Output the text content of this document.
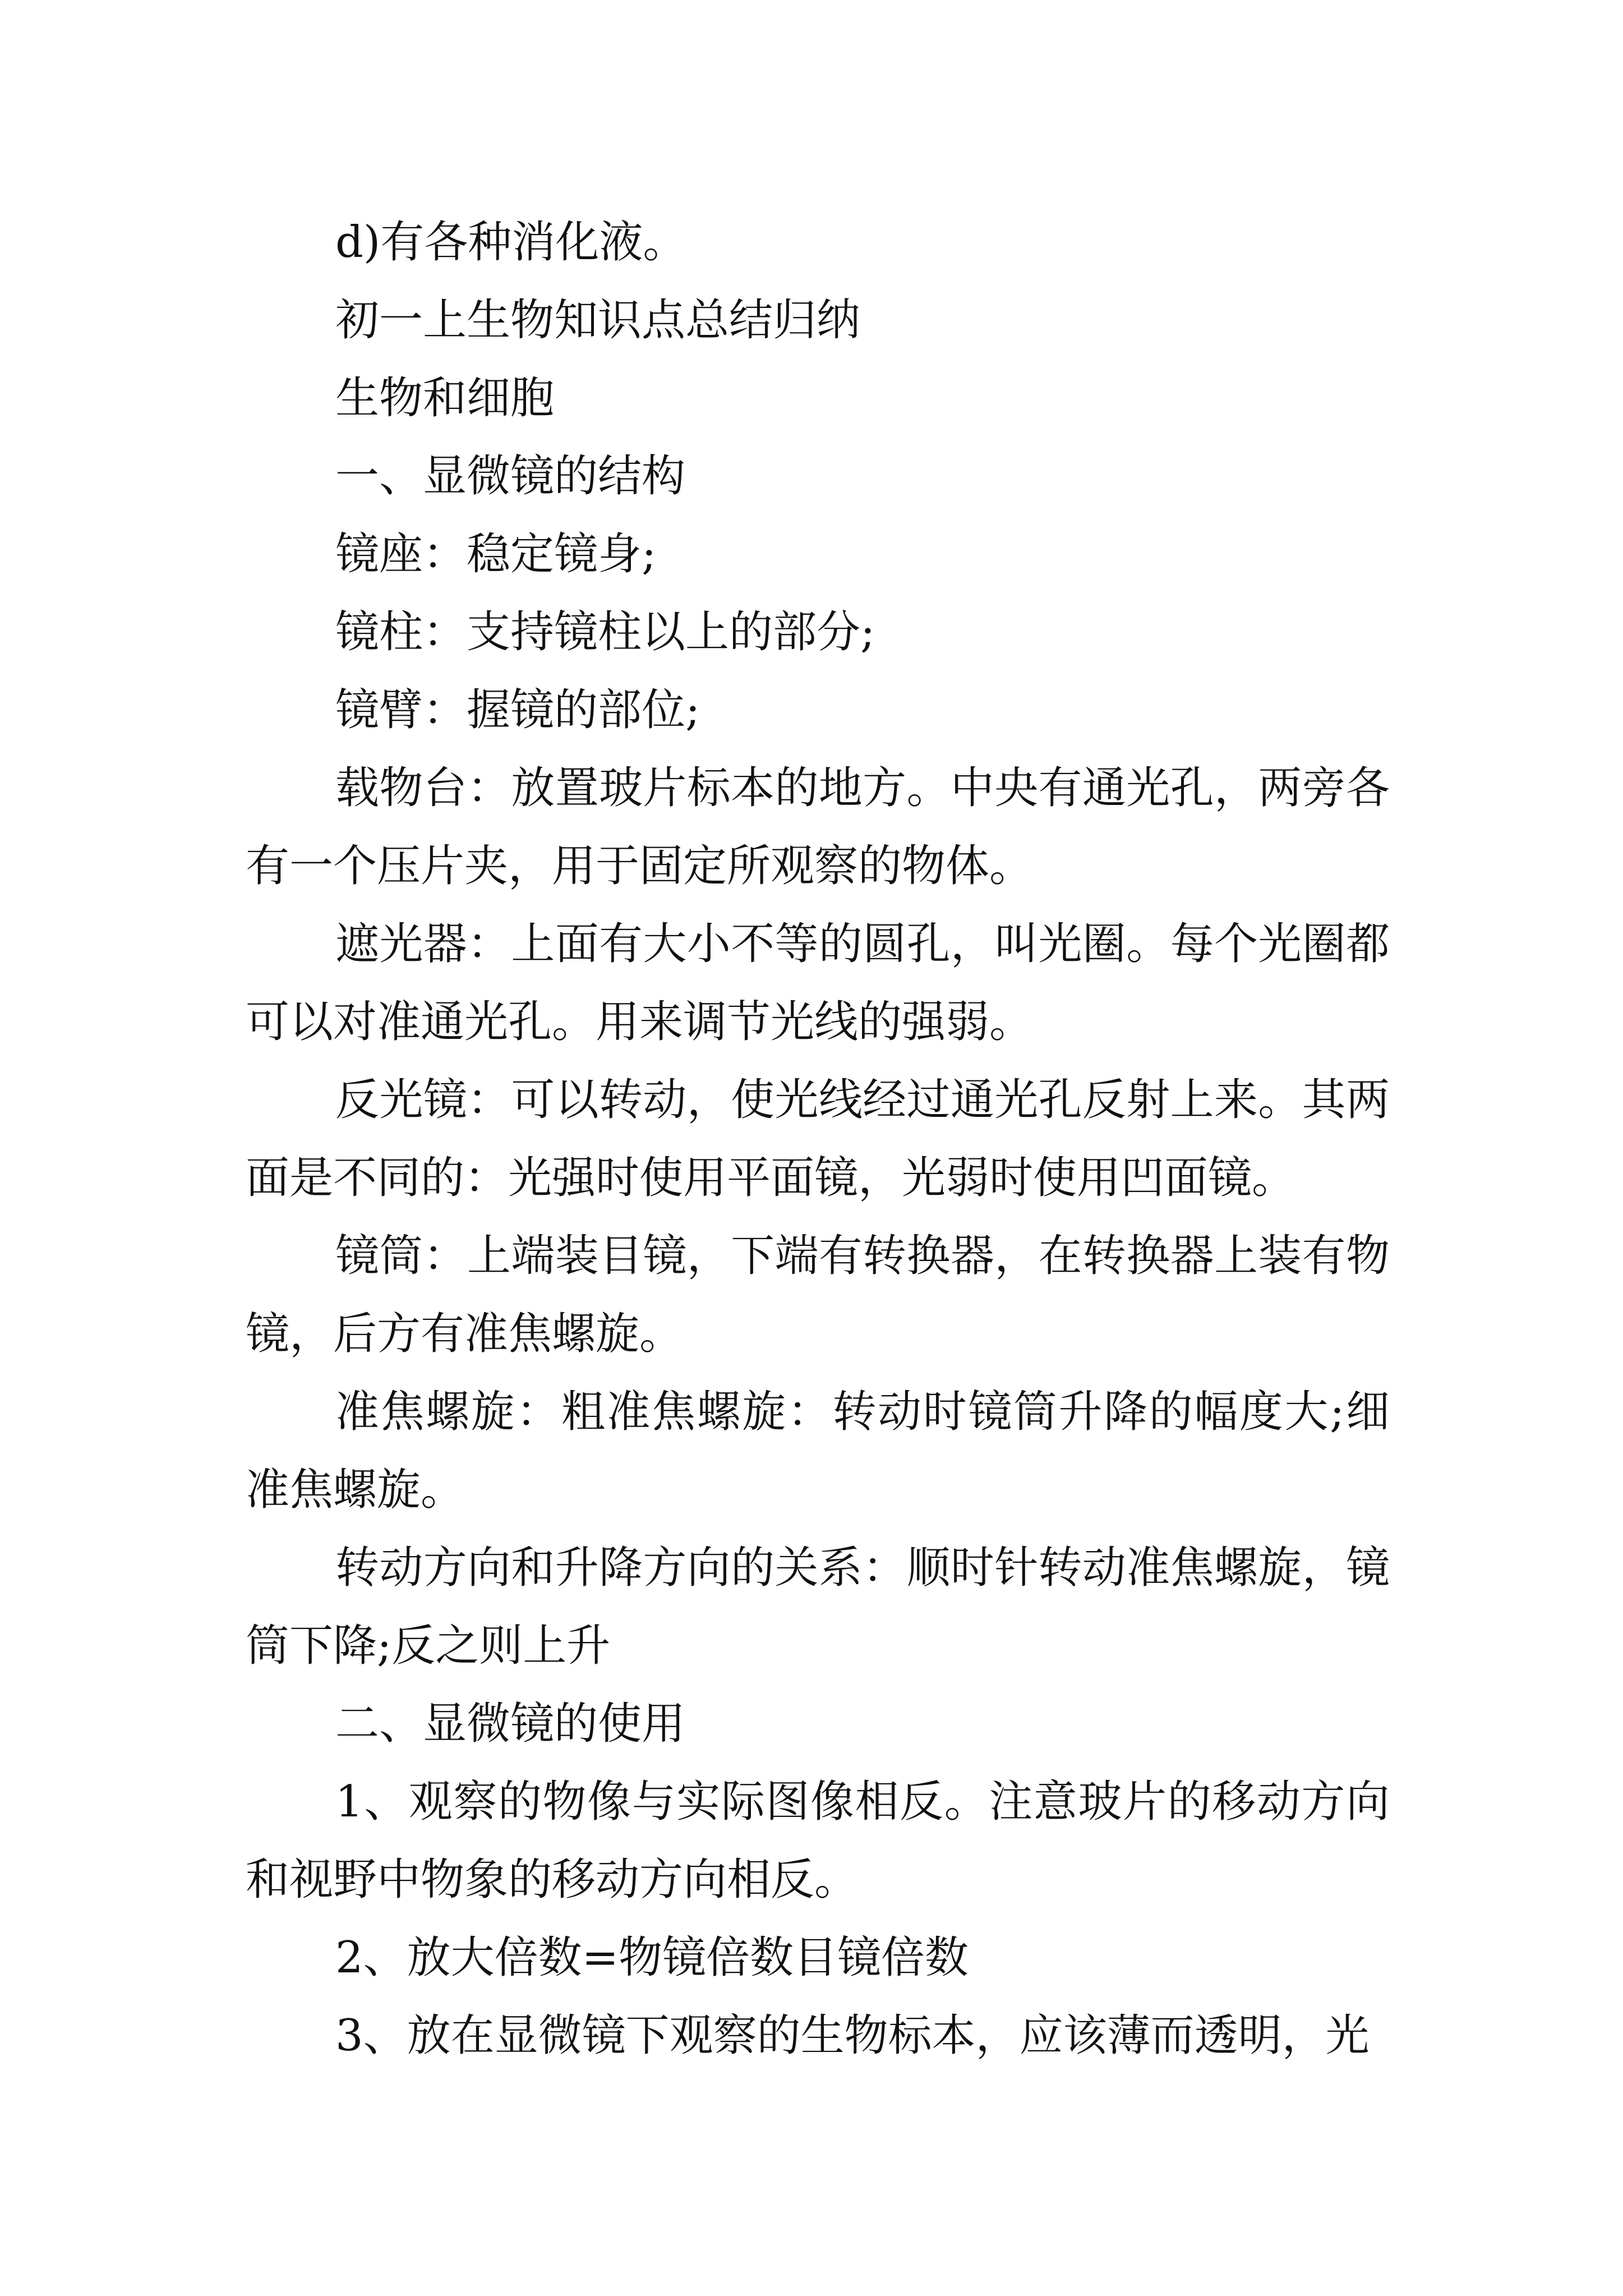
d)有各种消化液。

初一上生物知识点总结归纳

生物和细胞

一、显微镜的结构

镜座：稳定镜身;

镜柱：支持镜柱以上的部分;

镜臂：握镜的部位;

载物台：放置玻片标本的地方。中央有通光孔，两旁各有一个压片夹，用于固定所观察的物体。

遮光器：上面有大小不等的圆孔，叫光圈。每个光圈都可以对准通光孔。用来调节光线的强弱。

反光镜：可以转动，使光线经过通光孔反射上来。其两面是不同的：光强时使用平面镜，光弱时使用凹面镜。

镜筒：上端装目镜，下端有转换器，在转换器上装有物镜，后方有准焦螺旋。

准焦螺旋：粗准焦螺旋：转动时镜筒升降的幅度大;细准焦螺旋。

转动方向和升降方向的关系：顺时针转动准焦螺旋，镜筒下降;反之则上升

二、显微镜的使用

1、观察的物像与实际图像相反。注意玻片的移动方向和视野中物象的移动方向相反。

2、放大倍数=物镜倍数目镜倍数

3、放在显微镜下观察的生物标本，应该薄而透明，光
